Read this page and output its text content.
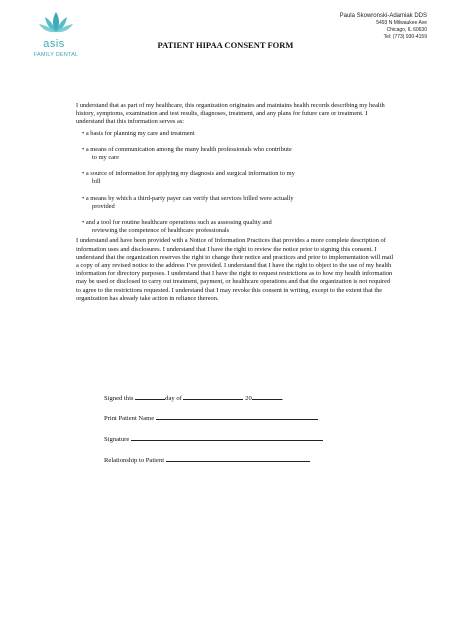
asis
FAMILY DENTAL
Paula Skowronski-Adamiak DDS
5493 N Milwaukee Ave
Chicago, IL 60630
Tel: (773) 930-4159
PATIENT HIPAA CONSENT FORM

I understand that as part of my healthcare, this organization originates and maintains health records describing my health history, symptoms, examination and test results, diagnoses, treatment, and any plans for future care or treatment. I understand that this information serves as:

• a basis for planning my care and treatment
• a means of communication among the many health professionals who contribute
to my care
• a source of information for applying my diagnosis and surgical information to my
bill
• a means by which a third-party payer can verify that services billed were actually
provided
• and a tool for routine healthcare operations such as assessing quality and
reviewing the competence of healthcare professionals

I understand and have been provided with a Notice of Information Practices that provides a more complete description of information uses and disclosures. I understand that I have the right to review the notice prior to signing this consent. I understand that the organization reserves the right to change their notice and practices and prior to implementation will mail a copy of any revised notice to the address I’ve provided. I understand that I have the right to object to the use of my health information for directory purposes. I understand that I have the right to request restrictions as to how my health information may be used or disclosed to carry out treatment, payment, or healthcare operations and that the organization is not required to agree to the restrictions requested. I understand that I may revoke this consent in writing, except to the extent that the organization has already take action in reliance thereon.

Signed this	day of	20	.
Print Patient Name
Signature
Relationship to Patient
